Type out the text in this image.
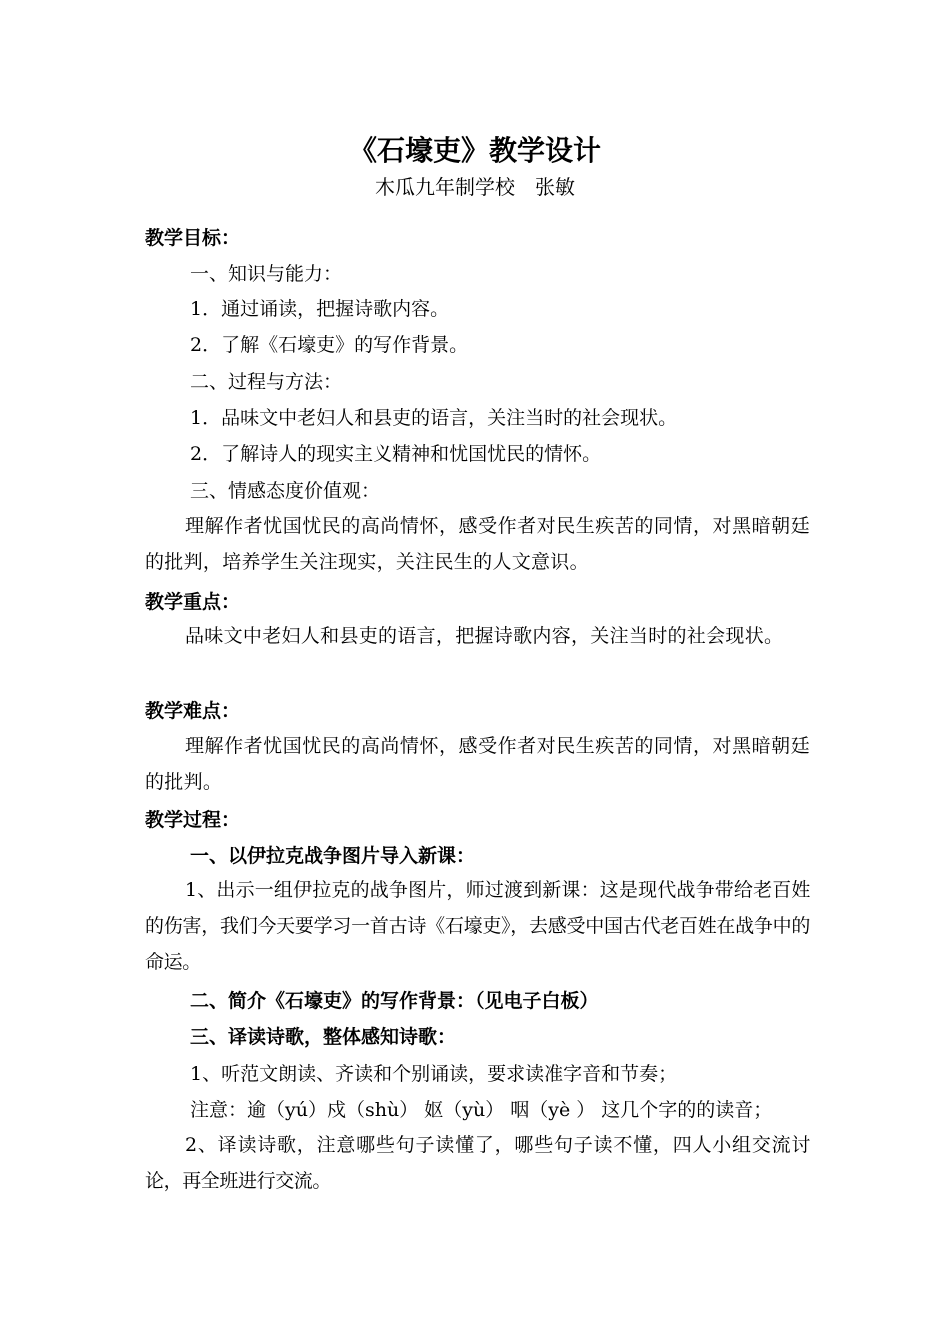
《石壕吏》教学设计
木瓜九年制学校　张敏
教学目标：
一、知识与能力：
1．通过诵读，把握诗歌内容。
2．了解《石壕吏》的写作背景。
二、过程与方法：
1．品味文中老妇人和县吏的语言，关注当时的社会现状。
2．了解诗人的现实主义精神和忧国忧民的情怀。
三、情感态度价值观：

理解作者忧国忧民的高尚情怀，感受作者对民生疾苦的同情，对黑暗朝廷的批判，培养学生关注现实，关注民生的人文意识。

教学重点：

品味文中老妇人和县吏的语言，把握诗歌内容，关注当时的社会现状。

教学难点：

理解作者忧国忧民的高尚情怀，感受作者对民生疾苦的同情，对黑暗朝廷的批判。

教学过程：
一、以伊拉克战争图片导入新课：

1、出示一组伊拉克的战争图片，师过渡到新课：这是现代战争带给老百姓的伤害，我们今天要学习一首古诗《石壕吏》，去感受中国古代老百姓在战争中的命运。

二、简介《石壕吏》的写作背景：（见电子白板）
三、译读诗歌，整体感知诗歌：
1、听范文朗读、齐读和个别诵读，要求读准字音和节奏；
注意：逾（yú）戍（shù） 妪（yù） 咽（yè ） 这几个字的的读音；

2、译读诗歌，注意哪些句子读懂了，哪些句子读不懂，四人小组交流讨论，再全班进行交流。
